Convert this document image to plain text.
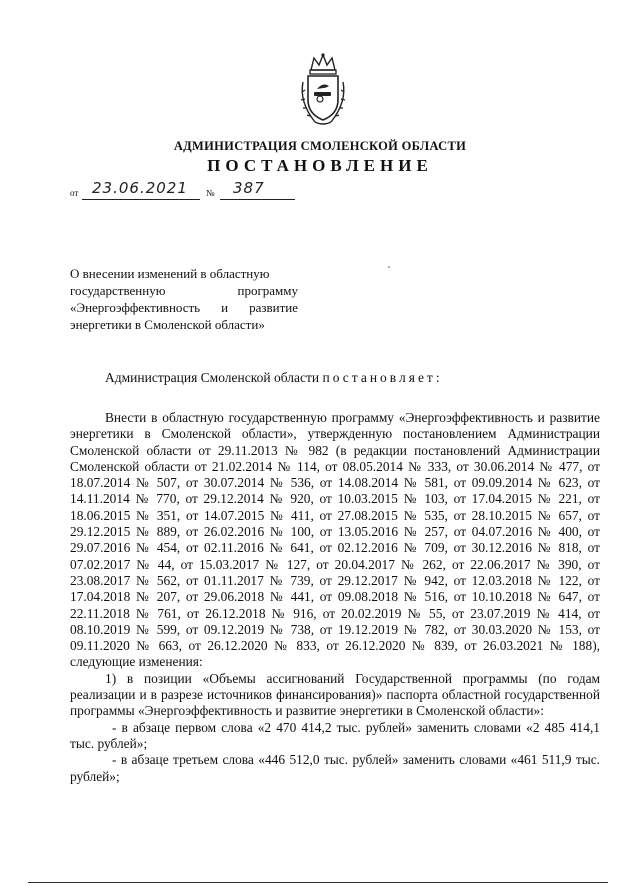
АДМИНИСТРАЦИЯ СМОЛЕНСКОЙ ОБЛАСТИ
ПОСТАНОВЛЕНИЕ
от 23.06.2021 № 387
О внесении изменений в областную
государственную	программу
«Энергоэффективность и развитие
энергетики в Смоленской области»
Администрация Смоленской области постановляет:

Внести в областную государственную программу «Энергоэффективность и развитие энергетики в Смоленской области», утвержденную постановлением Администрации Смоленской области от 29.11.2013 № 982 (в редакции постановлений Администрации Смоленской области от 21.02.2014 № 114, от 08.05.2014 № 333, от 30.06.2014 № 477, от 18.07.2014 № 507, от 30.07.2014 № 536, от 14.08.2014 № 581, от 09.09.2014 № 623, от 14.11.2014 № 770, от 29.12.2014 № 920, от 10.03.2015 № 103, от 17.04.2015 № 221, от 18.06.2015 № 351, от 14.07.2015 № 411, от 27.08.2015 № 535, от 28.10.2015 № 657, от 29.12.2015 № 889, от 26.02.2016 № 100, от 13.05.2016 № 257, от 04.07.2016 № 400, от 29.07.2016 № 454, от 02.11.2016 № 641, от 02.12.2016 № 709, от 30.12.2016 № 818, от 07.02.2017 № 44, от 15.03.2017 № 127, от 20.04.2017 № 262, от 22.06.2017 № 390, от 23.08.2017 № 562, от 01.11.2017 № 739, от 29.12.2017 № 942, от 12.03.2018 № 122, от 17.04.2018 № 207, от 29.06.2018 № 441, от 09.08.2018 № 516, от 10.10.2018 № 647, от 22.11.2018 № 761, от 26.12.2018 № 916, от 20.02.2019 № 55, от 23.07.2019 № 414, от 08.10.2019 № 599, от 09.12.2019 № 738, от 19.12.2019 № 782, от 30.03.2020 № 153, от 09.11.2020 № 663, от 26.12.2020 № 833, от 26.12.2020 № 839, от 26.03.2021 № 188), следующие изменения:

1) в позиции «Объемы ассигнований Государственной программы (по годам реализации и в разрезе источников финансирования)» паспорта областной государственной программы «Энергоэффективность и развитие энергетики в Смоленской области»:

- в абзаце первом слова «2 470 414,2 тыс. рублей» заменить словами «2 485 414,1 тыс. рублей»;

- в абзаце третьем слова «446 512,0 тыс. рублей» заменить словами «461 511,9 тыс. рублей»;
